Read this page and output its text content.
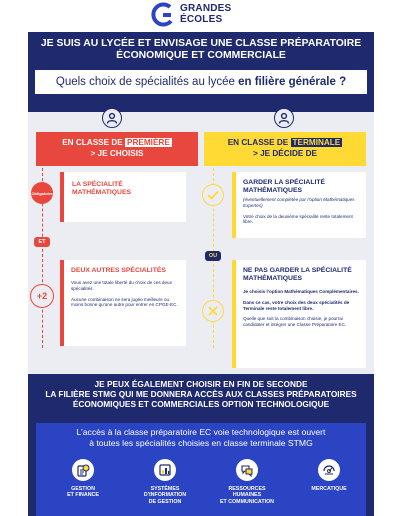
GRANDES
ÉCOLES
JE SUIS AU LYCÉE ET ENVISAGE UNE CLASSE PRÉPARATOIRE
ÉCONOMIQUE ET COMMERCIALE
Quels choix de spécialités au lycée en filière générale ?
EN CLASSE DE PREMIÈRE
> JE CHOISIS
EN CLASSE DE TERMINALE
> JE DÉCIDE DE
Obligatoire
ET
+2
LA SPÉCIALITÉ MATHÉMATIQUES
DEUX AUTRES SPÉCIALITÉS
Vous avez une totale liberté du choix de ces deux spécialités.
Aucune combinaison ne sera jugée meilleure ou moins bonne qu’une autre pour entrer en CPGE-EC.
OU
GARDER LA SPÉCIALITÉ MATHÉMATIQUES
(éventuellement complétée par l’option Mathématiques Expertes)
Votre choix de la deuxième spécialité reste totalement libre.
NE PAS GARDER LA SPÉCIALITÉ MATHÉMATIQUES
Je choisis l’option Mathématiques Complémentaires.
Dans ce cas, votre choix des deux spécialités de Terminale reste totalement libre.
Quelle que soit la combinaison choisie, je pourrai candidater et intégrer une Classe Préparatoire EC.
JE PEUX ÉGALEMENT CHOISIR EN FIN DE SECONDE
LA FILIÈRE STMG QUI ME DONNERA ACCÈS AUX CLASSES PRÉPARATOIRES
ÉCONOMIQUES ET COMMERCIALES OPTION TECHNOLOGIQUE
L’accès à la classe préparatoire EC voie technologique est ouvert
à toutes les spécialités choisies en classe terminale STMG
GESTION
ET FINANCE
SYSTÈMES
D’INFORMATION
DE GESTION
RESSOURCES
HUMAINES
ET COMMUNICATION
MERCATIQUE
